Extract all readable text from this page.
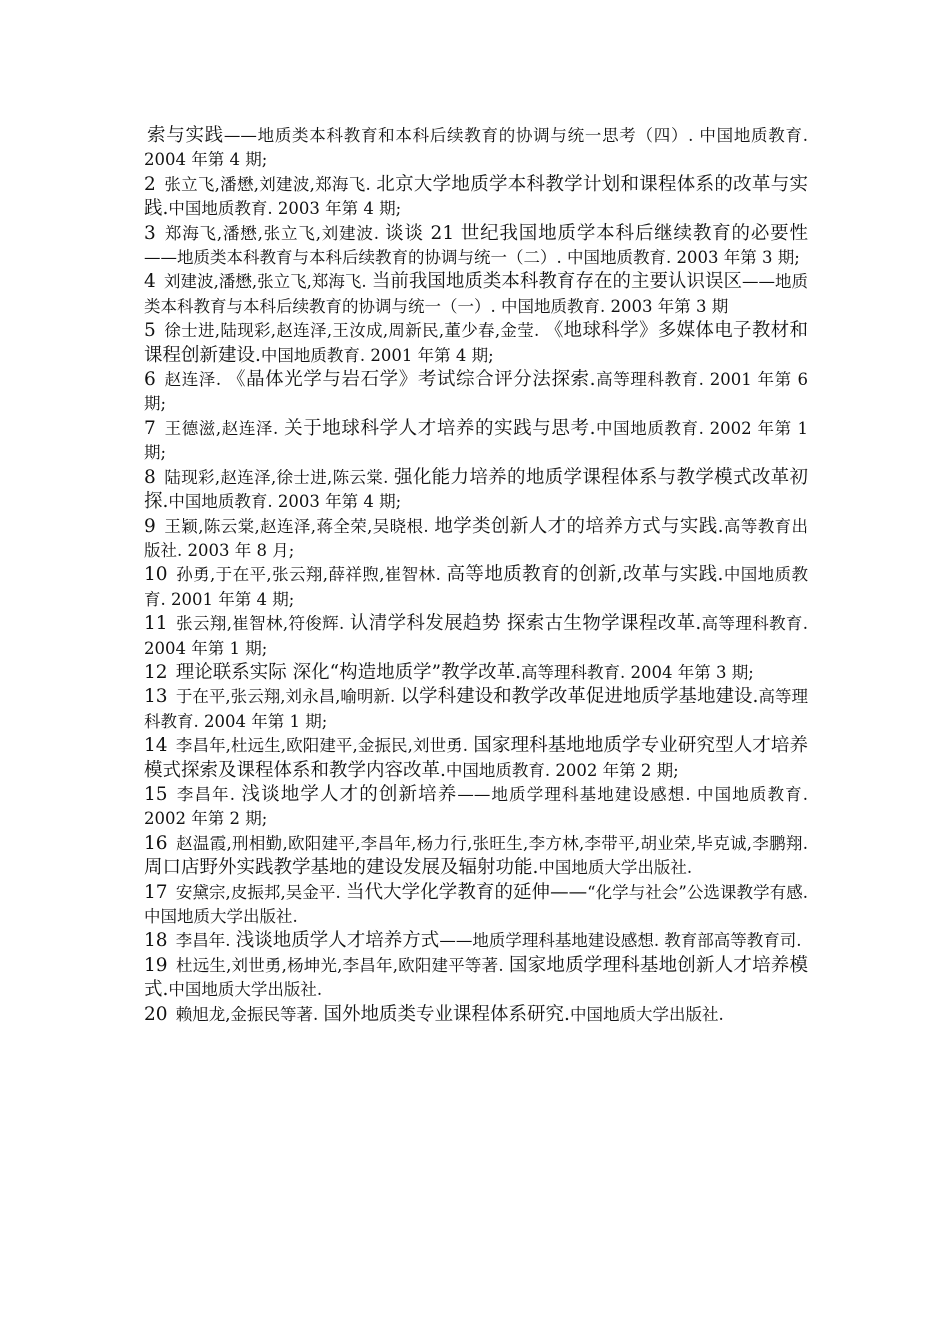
索与实践——地质类本科教育和本科后续教育的协调与统一思考（四）. 中国地质教育. 2004 年第 4 期;

2 张立飞,潘懋,刘建波,郑海飞. 北京大学地质学本科教学计划和课程体系的改革与实践.中国地质教育. 2003 年第 4 期;

3 郑海飞,潘懋,张立飞,刘建波. 谈谈 21 世纪我国地质学本科后继续教育的必要性——地质类本科教育与本科后续教育的协调与统一（二）. 中国地质教育. 2003 年第 3 期;

4 刘建波,潘懋,张立飞,郑海飞. 当前我国地质类本科教育存在的主要认识误区——地质类本科教育与本科后续教育的协调与统一（一）. 中国地质教育. 2003 年第 3 期

5 徐士进,陆现彩,赵连泽,王汝成,周新民,董少春,金莹. 《地球科学》多媒体电子教材和课程创新建设.中国地质教育. 2001 年第 4 期;

6 赵连泽. 《晶体光学与岩石学》考试综合评分法探索.高等理科教育. 2001 年第 6 期;

7 王德滋,赵连泽. 关于地球科学人才培养的实践与思考.中国地质教育. 2002 年第 1 期;

8 陆现彩,赵连泽,徐士进,陈云棠. 强化能力培养的地质学课程体系与教学模式改革初探.中国地质教育. 2003 年第 4 期;

9 王颖,陈云棠,赵连泽,蒋全荣,吴晓根. 地学类创新人才的培养方式与实践.高等教育出版社. 2003 年 8 月;

10 孙勇,于在平,张云翔,薛祥煦,崔智林. 高等地质教育的创新,改革与实践.中国地质教育. 2001 年第 4 期;

11 张云翔,崔智林,符俊辉. 认清学科发展趋势 探索古生物学课程改革.高等理科教育. 2004 年第 1 期;

12 理论联系实际 深化“构造地质学”教学改革.高等理科教育. 2004 年第 3 期;

13 于在平,张云翔,刘永昌,喻明新. 以学科建设和教学改革促进地质学基地建设.高等理科教育. 2004 年第 1 期;

14 李昌年,杜远生,欧阳建平,金振民,刘世勇. 国家理科基地地质学专业研究型人才培养模式探索及课程体系和教学内容改革.中国地质教育. 2002 年第 2 期;

15 李昌年. 浅谈地学人才的创新培养——地质学理科基地建设感想. 中国地质教育. 2002 年第 2 期;

16 赵温霞,刑相勤,欧阳建平,李昌年,杨力行,张旺生,李方林,李带平,胡业荣,毕克诚,李鹏翔. 周口店野外实践教学基地的建设发展及辐射功能.中国地质大学出版社.

17 安黛宗,皮振邦,吴金平. 当代大学化学教育的延伸——“化学与社会”公选课教学有感. 中国地质大学出版社.

18 李昌年. 浅谈地质学人才培养方式——地质学理科基地建设感想. 教育部高等教育司.

19 杜远生,刘世勇,杨坤光,李昌年,欧阳建平等著. 国家地质学理科基地创新人才培养模式.中国地质大学出版社.

20 赖旭龙,金振民等著. 国外地质类专业课程体系研究.中国地质大学出版社.
